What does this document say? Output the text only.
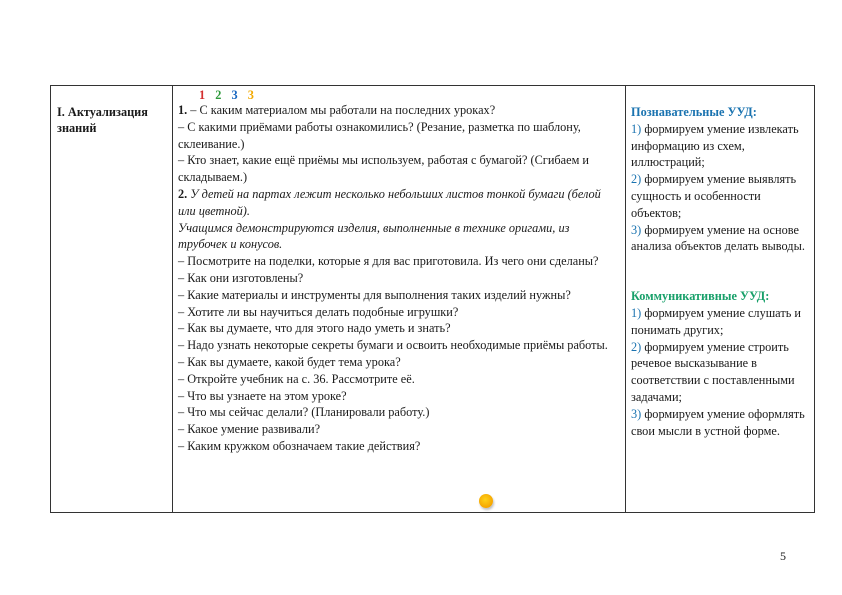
I. Актуализация знаний

1 2 3 3
1. – С каким материалом мы работали на последних уроках?
– С какими приёмами работы ознакомились? (Резание, разметка по шаблону, склеивание.)
– Кто знает, какие ещё приёмы мы используем, работая с бумагой? (Сгибаем и складываем.)
2. У детей на партах лежит несколько небольших листов тонкой бумаги (белой или цветной).
Учащимся демонстрируются изделия, выполненные в технике оригами, из трубочек и конусов.
– Посмотрите на поделки, которые я для вас приготовила. Из чего они сделаны?
– Как они изготовлены?
– Какие материалы и инструменты для выполнения таких изделий нужны?
– Хотите ли вы научиться делать подобные игрушки?
– Как вы думаете, что для этого надо уметь и знать?
– Надо узнать некоторые секреты бумаги и освоить необходимые приёмы работы.
– Как вы думаете, какой будет тема урока?
– Откройте учебник на с. 36. Рассмотрите её.
– Что вы узнаете на этом уроке?
– Что мы сейчас делали? (Планировали работу.)
– Какое умение развивали?
– Каким кружком обозначаем такие действия?

Познавательные УУД:
1) формируем умение извлекать информацию из схем, иллюстраций;
2) формируем умение выявлять сущность и особенности объектов;
3) формируем умение на основе анализа объектов делать выводы.
Коммуникативные УУД:
1) формируем умение слушать и понимать других;
2) формируем умение строить речевое высказывание в соответствии с поставленными задачами;
3) формируем умение оформлять свои мысли в устной форме.
5
